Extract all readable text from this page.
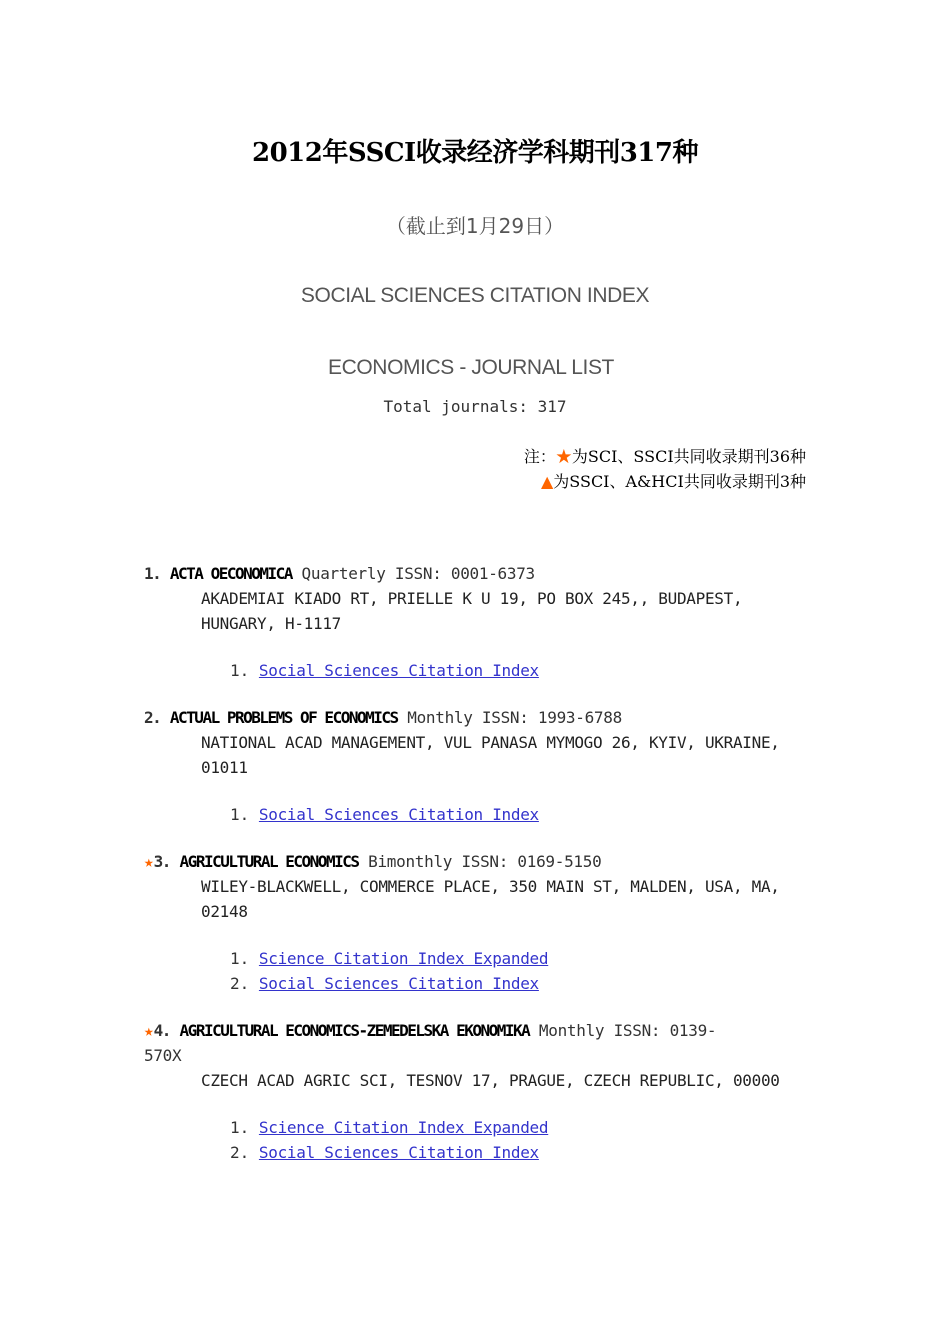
2012年SSCI收录经济学科期刊317种
（截止到1月29日）
SOCIAL SCIENCES CITATION INDEX
ECONOMICS - JOURNAL LIST
Total journals: 317
注：★为SCI、SSCI共同收录期刊36种
▲为SSCI、A&HCI共同收录期刊3种
1. ACTA OECONOMICA Quarterly ISSN: 0001-6373
AKADEMIAI KIADO RT, PRIELLE K U 19, PO BOX 245,, BUDAPEST,
HUNGARY, H-1117
1. Social Sciences Citation Index
2. ACTUAL PROBLEMS OF ECONOMICS Monthly ISSN: 1993-6788
NATIONAL ACAD MANAGEMENT, VUL PANASA MYMOGO 26, KYIV, UKRAINE,
01011
1. Social Sciences Citation Index
★3. AGRICULTURAL ECONOMICS Bimonthly ISSN: 0169-5150
WILEY-BLACKWELL, COMMERCE PLACE, 350 MAIN ST, MALDEN, USA, MA,
02148
1. Science Citation Index Expanded
2. Social Sciences Citation Index
★4. AGRICULTURAL ECONOMICS-ZEMEDELSKA EKONOMIKA Monthly ISSN: 0139-
570X
CZECH ACAD AGRIC SCI, TESNOV 17, PRAGUE, CZECH REPUBLIC, 00000
1. Science Citation Index Expanded
2. Social Sciences Citation Index
